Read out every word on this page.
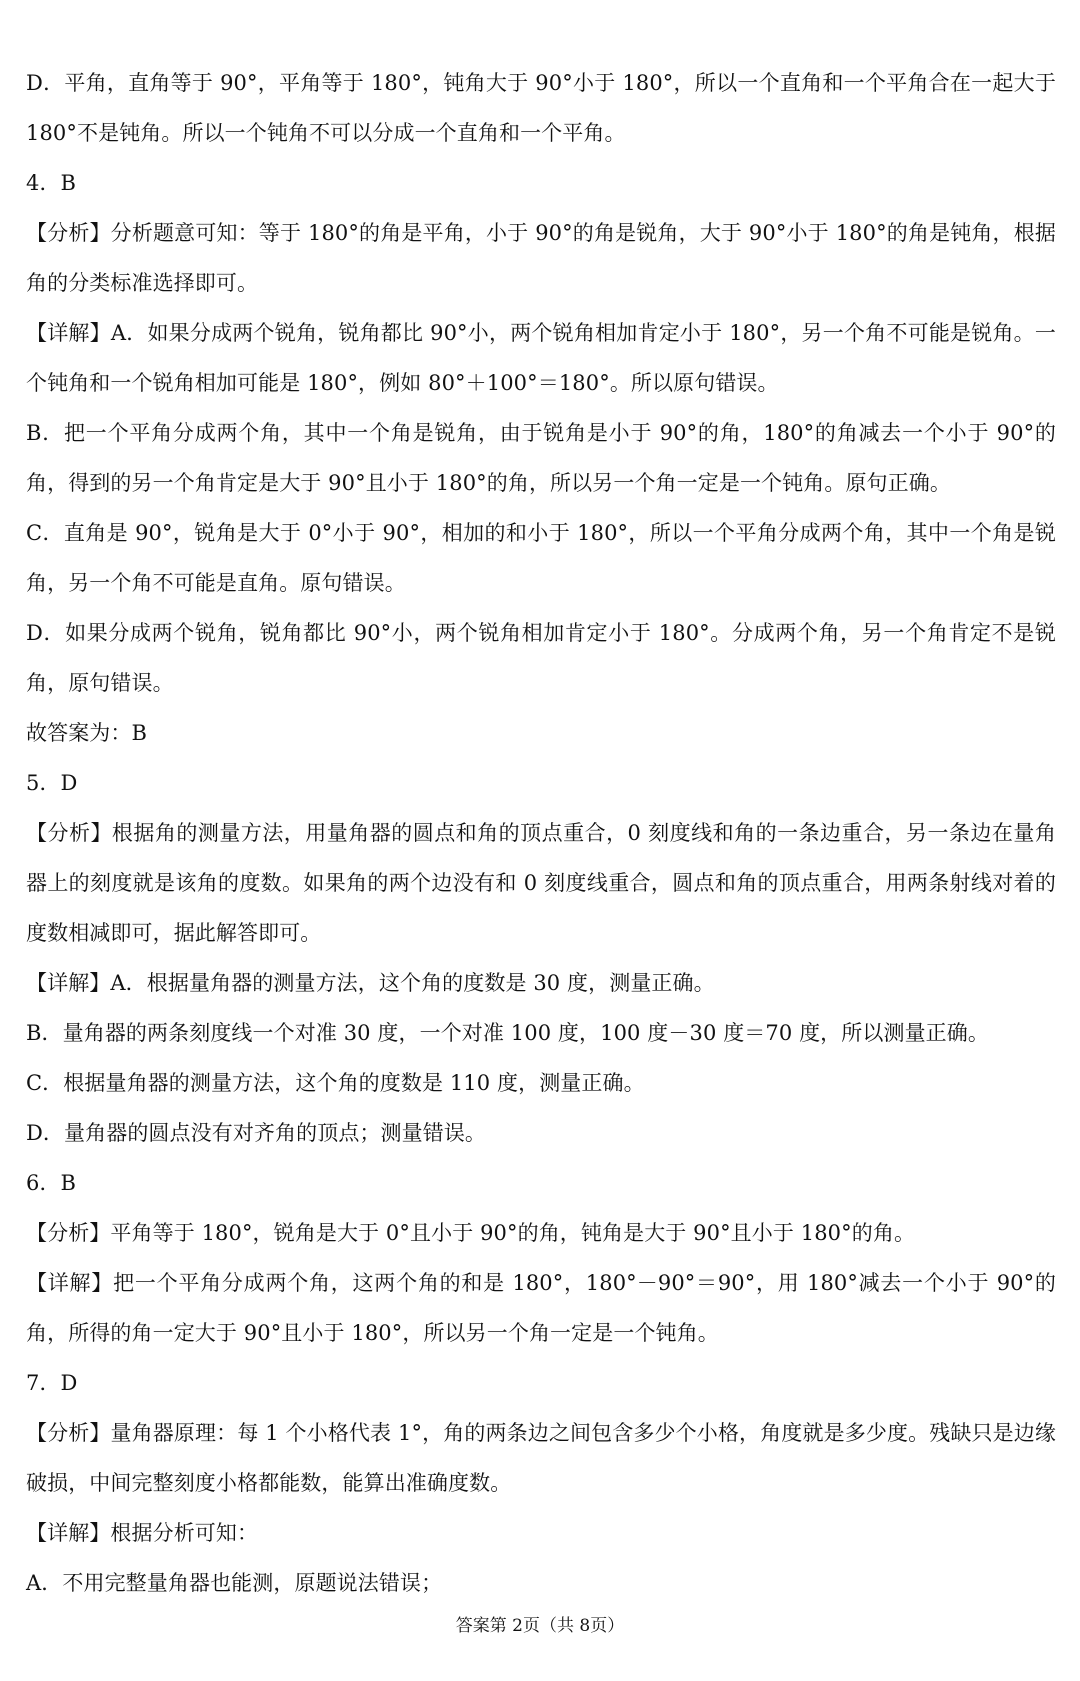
D．平角，直角等于 90°，平角等于 180°，钝角大于 90°小于 180°，所以一个直角和一个平角合在一起大于 180°不是钝角。所以一个钝角不可以分成一个直角和一个平角。

4．B

【分析】分析题意可知：等于 180°的角是平角，小于 90°的角是锐角，大于 90°小于 180°的角是钝角，根据角的分类标准选择即可。

【详解】A．如果分成两个锐角，锐角都比 90°小，两个锐角相加肯定小于 180°，另一个角不可能是锐角。一个钝角和一个锐角相加可能是 180°，例如 80°＋100°＝180°。所以原句错误。

B．把一个平角分成两个角，其中一个角是锐角，由于锐角是小于 90°的角，180°的角减去一个小于 90°的角，得到的另一个角肯定是大于 90°且小于 180°的角，所以另一个角一定是一个钝角。原句正确。

C．直角是 90°，锐角是大于 0°小于 90°，相加的和小于 180°，所以一个平角分成两个角，其中一个角是锐角，另一个角不可能是直角。原句错误。

D．如果分成两个锐角，锐角都比 90°小，两个锐角相加肯定小于 180°。分成两个角，另一个角肯定不是锐角，原句错误。

故答案为：B

5．D

【分析】根据角的测量方法，用量角器的圆点和角的顶点重合，0 刻度线和角的一条边重合，另一条边在量角器上的刻度就是该角的度数。如果角的两个边没有和 0 刻度线重合，圆点和角的顶点重合，用两条射线对着的度数相减即可，据此解答即可。

【详解】A．根据量角器的测量方法，这个角的度数是 30 度，测量正确。

B．量角器的两条刻度线一个对准 30 度，一个对准 100 度，100 度－30 度＝70 度，所以测量正确。

C．根据量角器的测量方法，这个角的度数是 110 度，测量正确。

D．量角器的圆点没有对齐角的顶点；测量错误。

6．B

【分析】平角等于 180°，锐角是大于 0°且小于 90°的角，钝角是大于 90°且小于 180°的角。

【详解】把一个平角分成两个角，这两个角的和是 180°，180°－90°＝90°，用 180°减去一个小于 90°的角，所得的角一定大于 90°且小于 180°，所以另一个角一定是一个钝角。

7．D

【分析】量角器原理：每 1 个小格代表 1°，角的两条边之间包含多少个小格，角度就是多少度。残缺只是边缘破损，中间完整刻度小格都能数，能算出准确度数。

【详解】根据分析可知：

A．不用完整量角器也能测，原题说法错误；

答案第 2页（共 8页）
